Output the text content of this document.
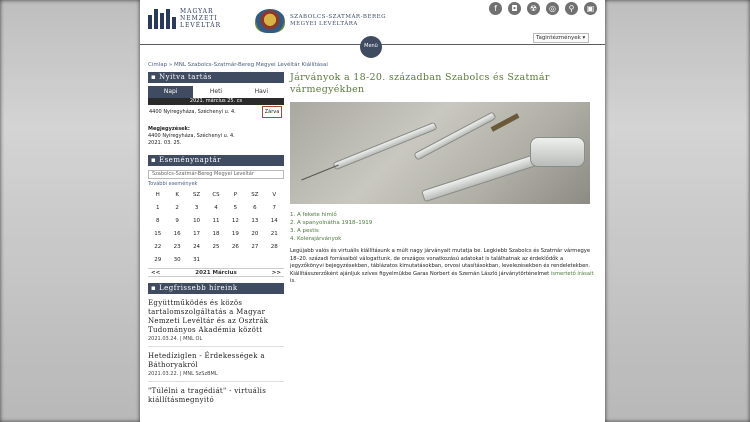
MAGYAR
NEMZETI
LEVÉLTÁR
SZABOLCS-SZATMÁR-BEREG
MEGYEI LEVÉLTÁRA
f	◘	☢	◎	⚲	▣
Menü
Tagintézmények ▾
Címlap » MNL Szabolcs-Szatmár-Bereg Megyei Levéltár Kiállításai
▪ Nyitva tartás
Napi	Heti	Havi
2021. március 25. cs
4400 Nyíregyháza, Széchenyi u. 4.	Zárva
Megjegyzések:
4400 Nyíregyháza, Széchenyi u. 4.
2021. 03. 25.
▪ Eseménynaptár
Szabolcs-Szatmár-Bereg Megyei Levéltár
További események
H	K	SZ	CS	P	SZ	V
1	2	3	4	5	6	7
8	9	10	11	12	13	14
15	16	17	18	19	20	21
22	23	24	25	26	27	28
29	30	31
<<	2021 Március	>>
▪ Legfrissebb híreink
Együttműködés és közös tartalomszolgáltatás a Magyar Nemzeti Levéltár és az Osztrák Tudományos Akadémia között
2021.03.24. | MNL OL
Hetedíziglen - Érdekességek a Báthoryakról
2021.03.22. | MNL SzSzBML
"Túlélni a tragédiát" - virtuális kiállításmegnyitó
Járványok a 18-20. században Szabolcs és Szatmár vármegyékben
1. A fekete himlő
2. A spanyolnátha 1918–1919
3. A pestis
4. Kolerajárványok

Legújabb valós és virtuális kiállításunk a múlt nagy járványait mutatja be. Legkiebb Szabolcs és Szatmár vármegye 18–20. századi forrásaiból válogattunk, de országos vonatkozású adatokat is találhatnak az érdeklődők a jegyzőkönyvi bejegyzésekben, táblázatos kimutatásokban, orvosi utasításokban, levelezésekben és rendeletekben. Kiállításszerzőként ajánljuk szíves figyelmükbe Garas Norbert és Szemán László járványtörténelmet ismertető írásait is.
